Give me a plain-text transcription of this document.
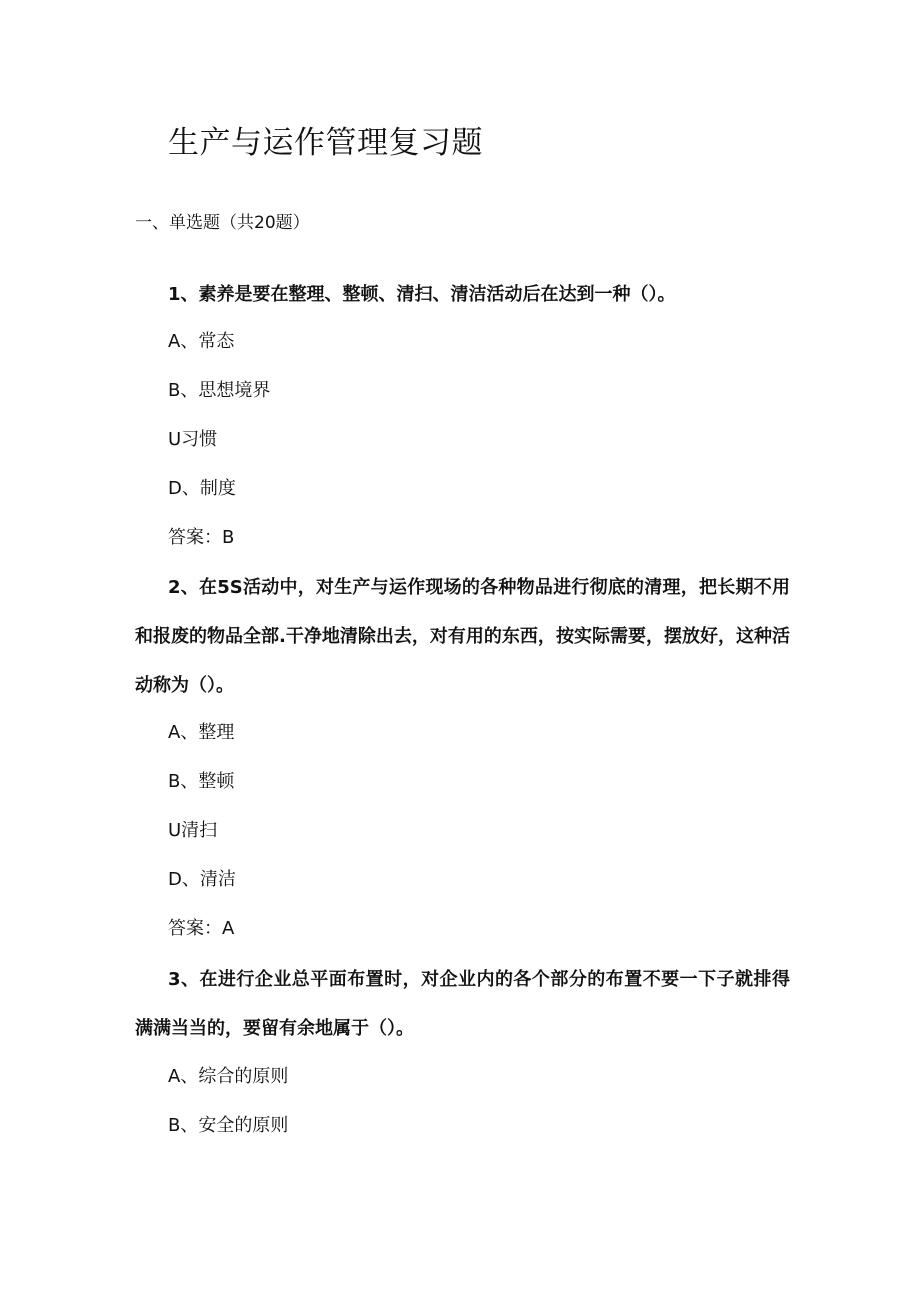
生产与运作管理复习题
一、单选题（共20题）

1、素养是要在整理、整顿、清扫、清洁活动后在达到一种（）。

A、常态
B、思想境界
U习惯
D、制度
答案：B

2、在5S活动中，对生产与运作现场的各种物品进行彻底的清理，把长期不用和报废的物品全部.干净地清除出去，对有用的东西，按实际需要，摆放好，这种活动称为（）。

A、整理
B、整顿
U清扫
D、清洁
答案：A

3、在进行企业总平面布置时，对企业内的各个部分的布置不要一下子就排得满满当当的，要留有余地属于（）。

A、综合的原则
B、安全的原则
